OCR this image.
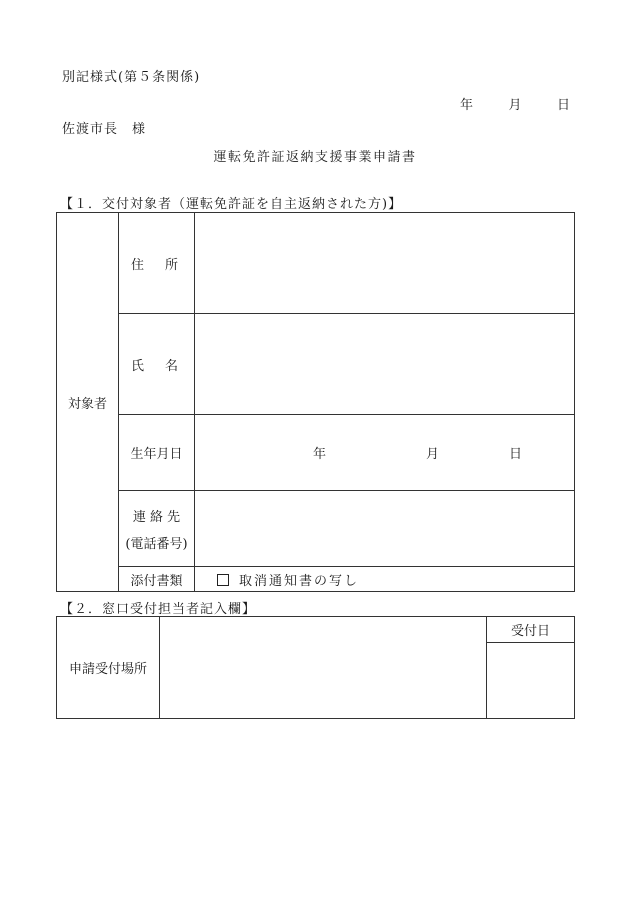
別記様式(第５条関係)
年	月	日
佐渡市長　様
運転免許証返納支援事業申請書
【１．交付対象者（運転免許証を自主返納された方)】
対象者	住　所	
	氏　名	
	生年月日	年 月 日

	連 絡 先
(電話番号)	

	添付書類	取消通知書の写し
【２．窓口受付担当者記入欄】
申請受付場所		受付日
